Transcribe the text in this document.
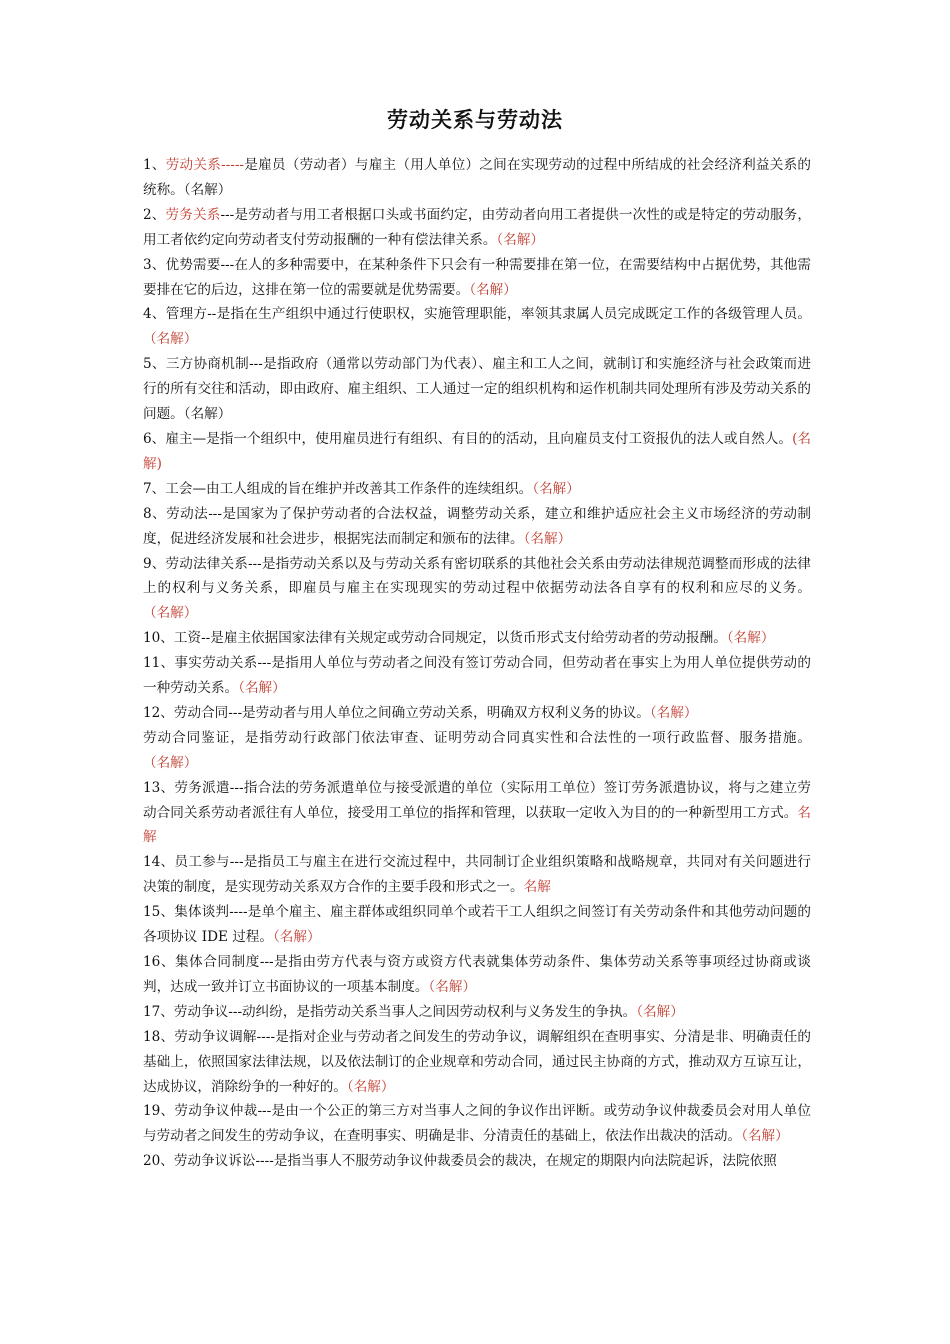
劳动关系与劳动法

1、劳动关系-----是雇员（劳动者）与雇主（用人单位）之间在实现劳动的过程中所结成的社会经济利益关系的统称。（名解）

2、劳务关系---是劳动者与用工者根据口头或书面约定，由劳动者向用工者提供一次性的或是特定的劳动服务，用工者依约定向劳动者支付劳动报酬的一种有偿法律关系。（名解）

3、优势需要---在人的多种需要中，在某种条件下只会有一种需要排在第一位，在需要结构中占据优势，其他需要排在它的后边，这排在第一位的需要就是优势需要。（名解）

4、管理方--是指在生产组织中通过行使职权，实施管理职能，率领其隶属人员完成既定工作的各级管理人员。（名解）

5、三方协商机制---是指政府（通常以劳动部门为代表）、雇主和工人之间，就制订和实施经济与社会政策而进行的所有交往和活动，即由政府、雇主组织、工人通过一定的组织机构和运作机制共同处理所有涉及劳动关系的问题。（名解）

6、雇主—是指一个组织中，使用雇员进行有组织、有目的的活动，且向雇员支付工资报仇的法人或自然人。(名解)

7、工会—由工人组成的旨在维护并改善其工作条件的连续组织。（名解）

8、劳动法---是国家为了保护劳动者的合法权益，调整劳动关系，建立和维护适应社会主义市场经济的劳动制度，促进经济发展和社会进步，根据宪法而制定和颁布的法律。（名解）

9、劳动法律关系---是指劳动关系以及与劳动关系有密切联系的其他社会关系由劳动法律规范调整而形成的法律上的权利与义务关系，即雇员与雇主在实现现实的劳动过程中依据劳动法各自享有的权利和应尽的义务。（名解）

10、工资--是雇主依据国家法律有关规定或劳动合同规定，以货币形式支付给劳动者的劳动报酬。（名解）

11、事实劳动关系---是指用人单位与劳动者之间没有签订劳动合同，但劳动者在事实上为用人单位提供劳动的一种劳动关系。（名解）

12、劳动合同---是劳动者与用人单位之间确立劳动关系，明确双方权利义务的协议。（名解）

劳动合同鉴证，是指劳动行政部门依法审查、证明劳动合同真实性和合法性的一项行政监督、服务措施。（名解）

13、劳务派遣---指合法的劳务派遣单位与接受派遣的单位（实际用工单位）签订劳务派遣协议，将与之建立劳动合同关系劳动者派往有人单位，接受用工单位的指挥和管理，以获取一定收入为目的的一种新型用工方式。名解

14、员工参与---是指员工与雇主在进行交流过程中，共同制订企业组织策略和战略规章，共同对有关问题进行决策的制度，是实现劳动关系双方合作的主要手段和形式之一。名解

15、集体谈判----是单个雇主、雇主群体或组织同单个或若干工人组织之间签订有关劳动条件和其他劳动问题的各项协议 IDE 过程。（名解）

16、集体合同制度---是指由劳方代表与资方或资方代表就集体劳动条件、集体劳动关系等事项经过协商或谈判，达成一致并订立书面协议的一项基本制度。（名解）

17、劳动争议---动纠纷，是指劳动关系当事人之间因劳动权利与义务发生的争执。（名解）

18、劳动争议调解----是指对企业与劳动者之间发生的劳动争议，调解组织在查明事实、分清是非、明确责任的基础上，依照国家法律法规，以及依法制订的企业规章和劳动合同，通过民主协商的方式，推动双方互谅互让，达成协议，消除纷争的一种好的。（名解）

19、劳动争议仲裁---是由一个公正的第三方对当事人之间的争议作出评断。或劳动争议仲裁委员会对用人单位与劳动者之间发生的劳动争议，在查明事实、明确是非、分清责任的基础上，依法作出裁决的活动。（名解）

20、劳动争议诉讼----是指当事人不服劳动争议仲裁委员会的裁决，在规定的期限内向法院起诉，法院依照
